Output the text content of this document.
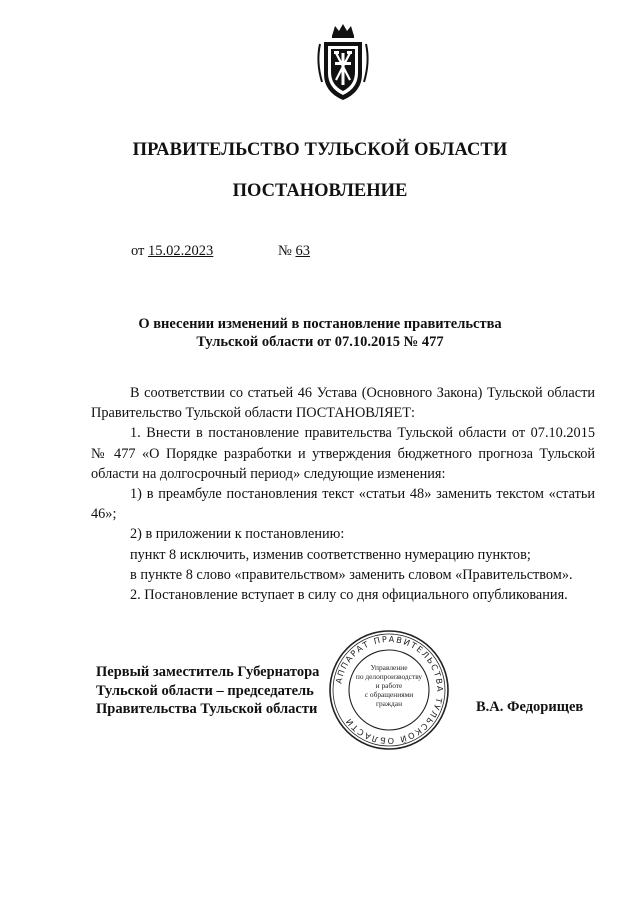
ПРАВИТЕЛЬСТВО ТУЛЬСКОЙ ОБЛАСТИ
ПОСТАНОВЛЕНИЕ
от 15.02.2023	№ 63
О внесении изменений в постановление правительства
Тульской области от 07.10.2015 № 477

В соответствии со статьей 46 Устава (Основного Закона) Тульской области Правительство Тульской области ПОСТАНОВЛЯЕТ:

1. Внести в постановление правительства Тульской области от 07.10.2015 № 477 «О Порядке разработки и утверждения бюджетного прогноза Тульской области на долгосрочный период» следующие изменения:

1) в преамбуле постановления текст «статьи 48» заменить текстом «статьи 46»;

2) в приложении к постановлению:

пункт 8 исключить, изменив соответственно нумерацию пунктов;

в пункте 8 слово «правительством» заменить словом «Правительством».

2. Постановление вступает в силу со дня официального опубликования.

Первый заместитель Губернатора
Тульской области – председатель
Правительства Тульской области	В.А. Федорищев
АППАРАТ ПРАВИТЕЛЬСТВА ТУЛЬСКОЙ ОБЛАСТИ
Управление
по делопроизводству
и работе
с обращениями
граждан
